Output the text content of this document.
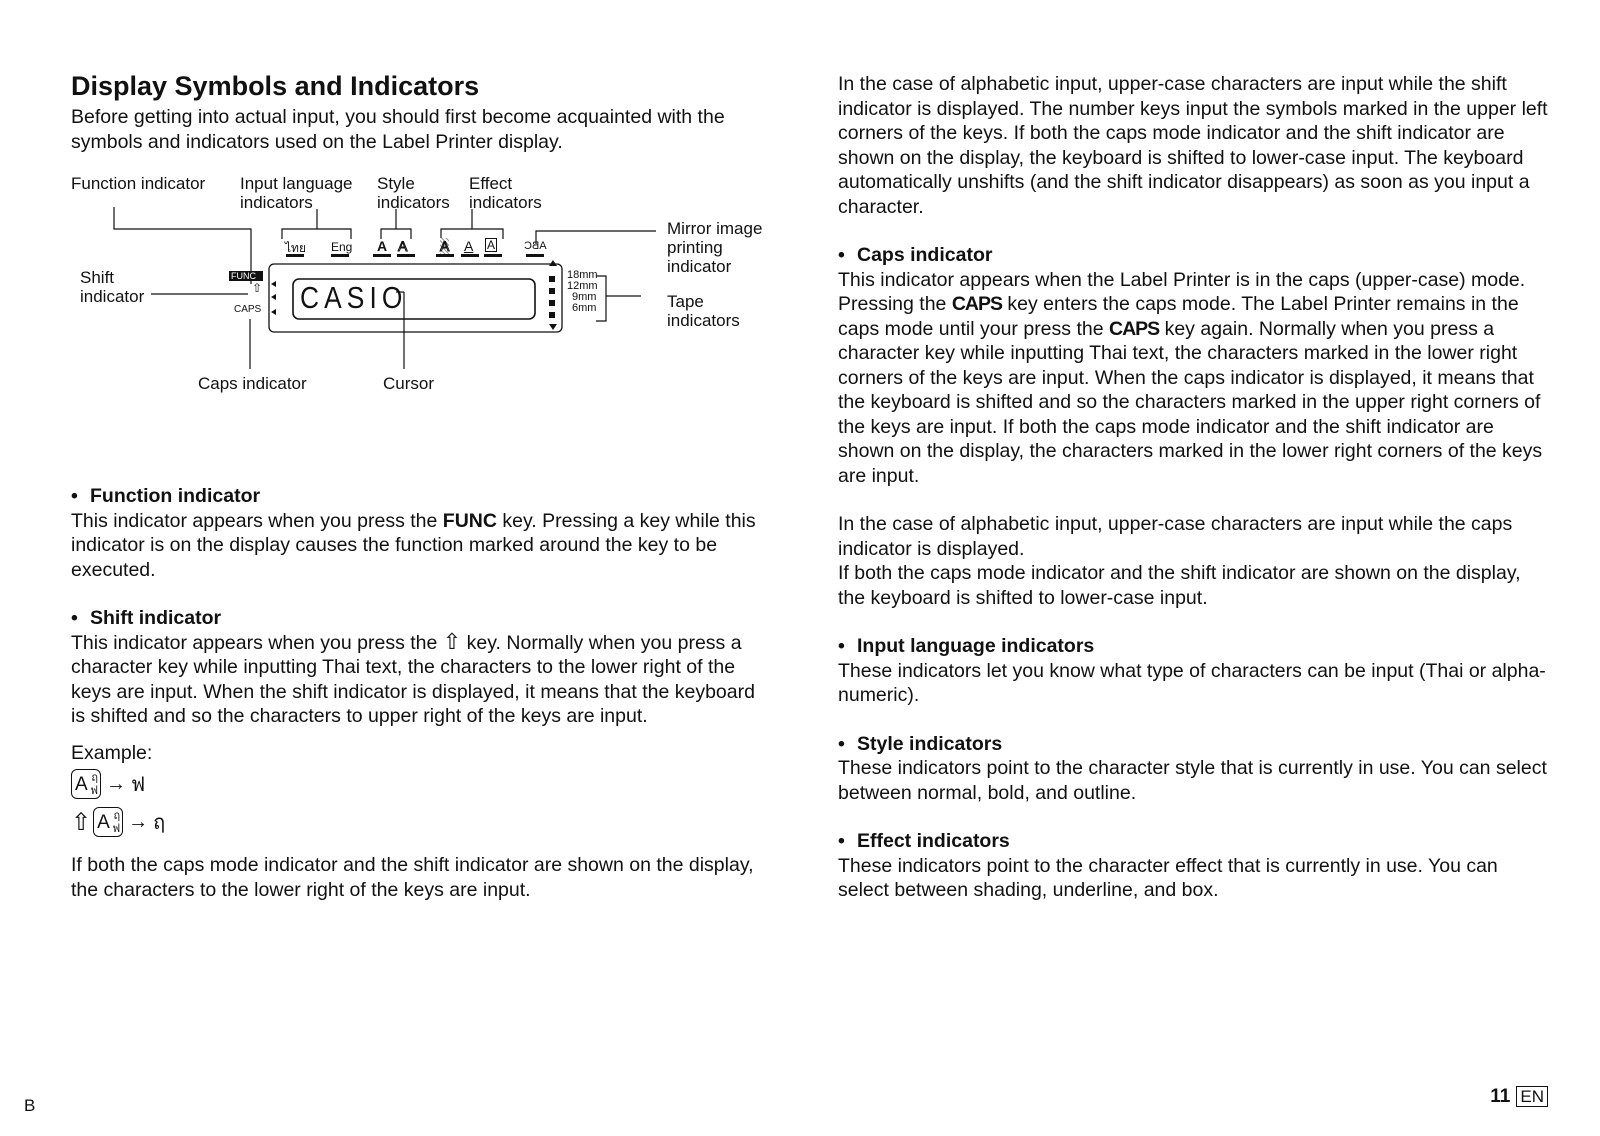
Display Symbols and Indicators

Before getting into actual input, you should first become acquainted with the symbols and indicators used on the Label Printer display.

Function indicator Input language
indicators
Style
indicators
Effect
indicators
Mirror image
printing
indicator
Shift
indicator	Tape
indicators
Caps indicator	Cursor
ไทย Eng A A A A A	ABC
FUNC
⇧
CAPS CASIO
18mm
12mm
9mm
6mm

• Function indicator

This indicator appears when you press the FUNC key. Pressing a key while this indicator is on the display causes the function marked around the key to be executed.

• Shift indicator

This indicator appears when you press the ⇧ key. Normally when you press a character key while inputting Thai text, the characters to the lower right of the keys are input. When the shift indicator is displayed, it means that the keyboard is shifted and so the characters to upper right of the keys are input.

Example:

A ฤ
ฟ → ฟ
⇧ A ฤ
ฟ → ฤ

If both the caps mode indicator and the shift indicator are shown on the display, the characters to the lower right of the keys are input.

In the case of alphabetic input, upper-case characters are input while the shift indicator is displayed. The number keys input the symbols marked in the upper left corners of the keys. If both the caps mode indicator and the shift indicator are shown on the display, the keyboard is shifted to lower-case input. The keyboard automatically unshifts (and the shift indicator disappears) as soon as you input a character.

• Caps indicator

This indicator appears when the Label Printer is in the caps (upper-case) mode. Pressing the CAPS key enters the caps mode. The Label Printer remains in the caps mode until your press the CAPS key again. Normally when you press a character key while inputting Thai text, the characters marked in the lower right corners of the keys are input. When the caps indicator is displayed, it means that the keyboard is shifted and so the characters marked in the upper right corners of the keys are input. If both the caps mode indicator and the shift indicator are shown on the display, the characters marked in the lower right corners of the keys are input.

In the case of alphabetic input, upper-case characters are input while the caps indicator is displayed.

If both the caps mode indicator and the shift indicator are shown on the display, the keyboard is shifted to lower-case input.

• Input language indicators

These indicators let you know what type of characters can be input (Thai or alpha-numeric).

• Style indicators

These indicators point to the character style that is currently in use. You can select between normal, bold, and outline.

• Effect indicators

These indicators point to the character effect that is currently in use. You can select between shading, underline, and box.

B	11 EN
